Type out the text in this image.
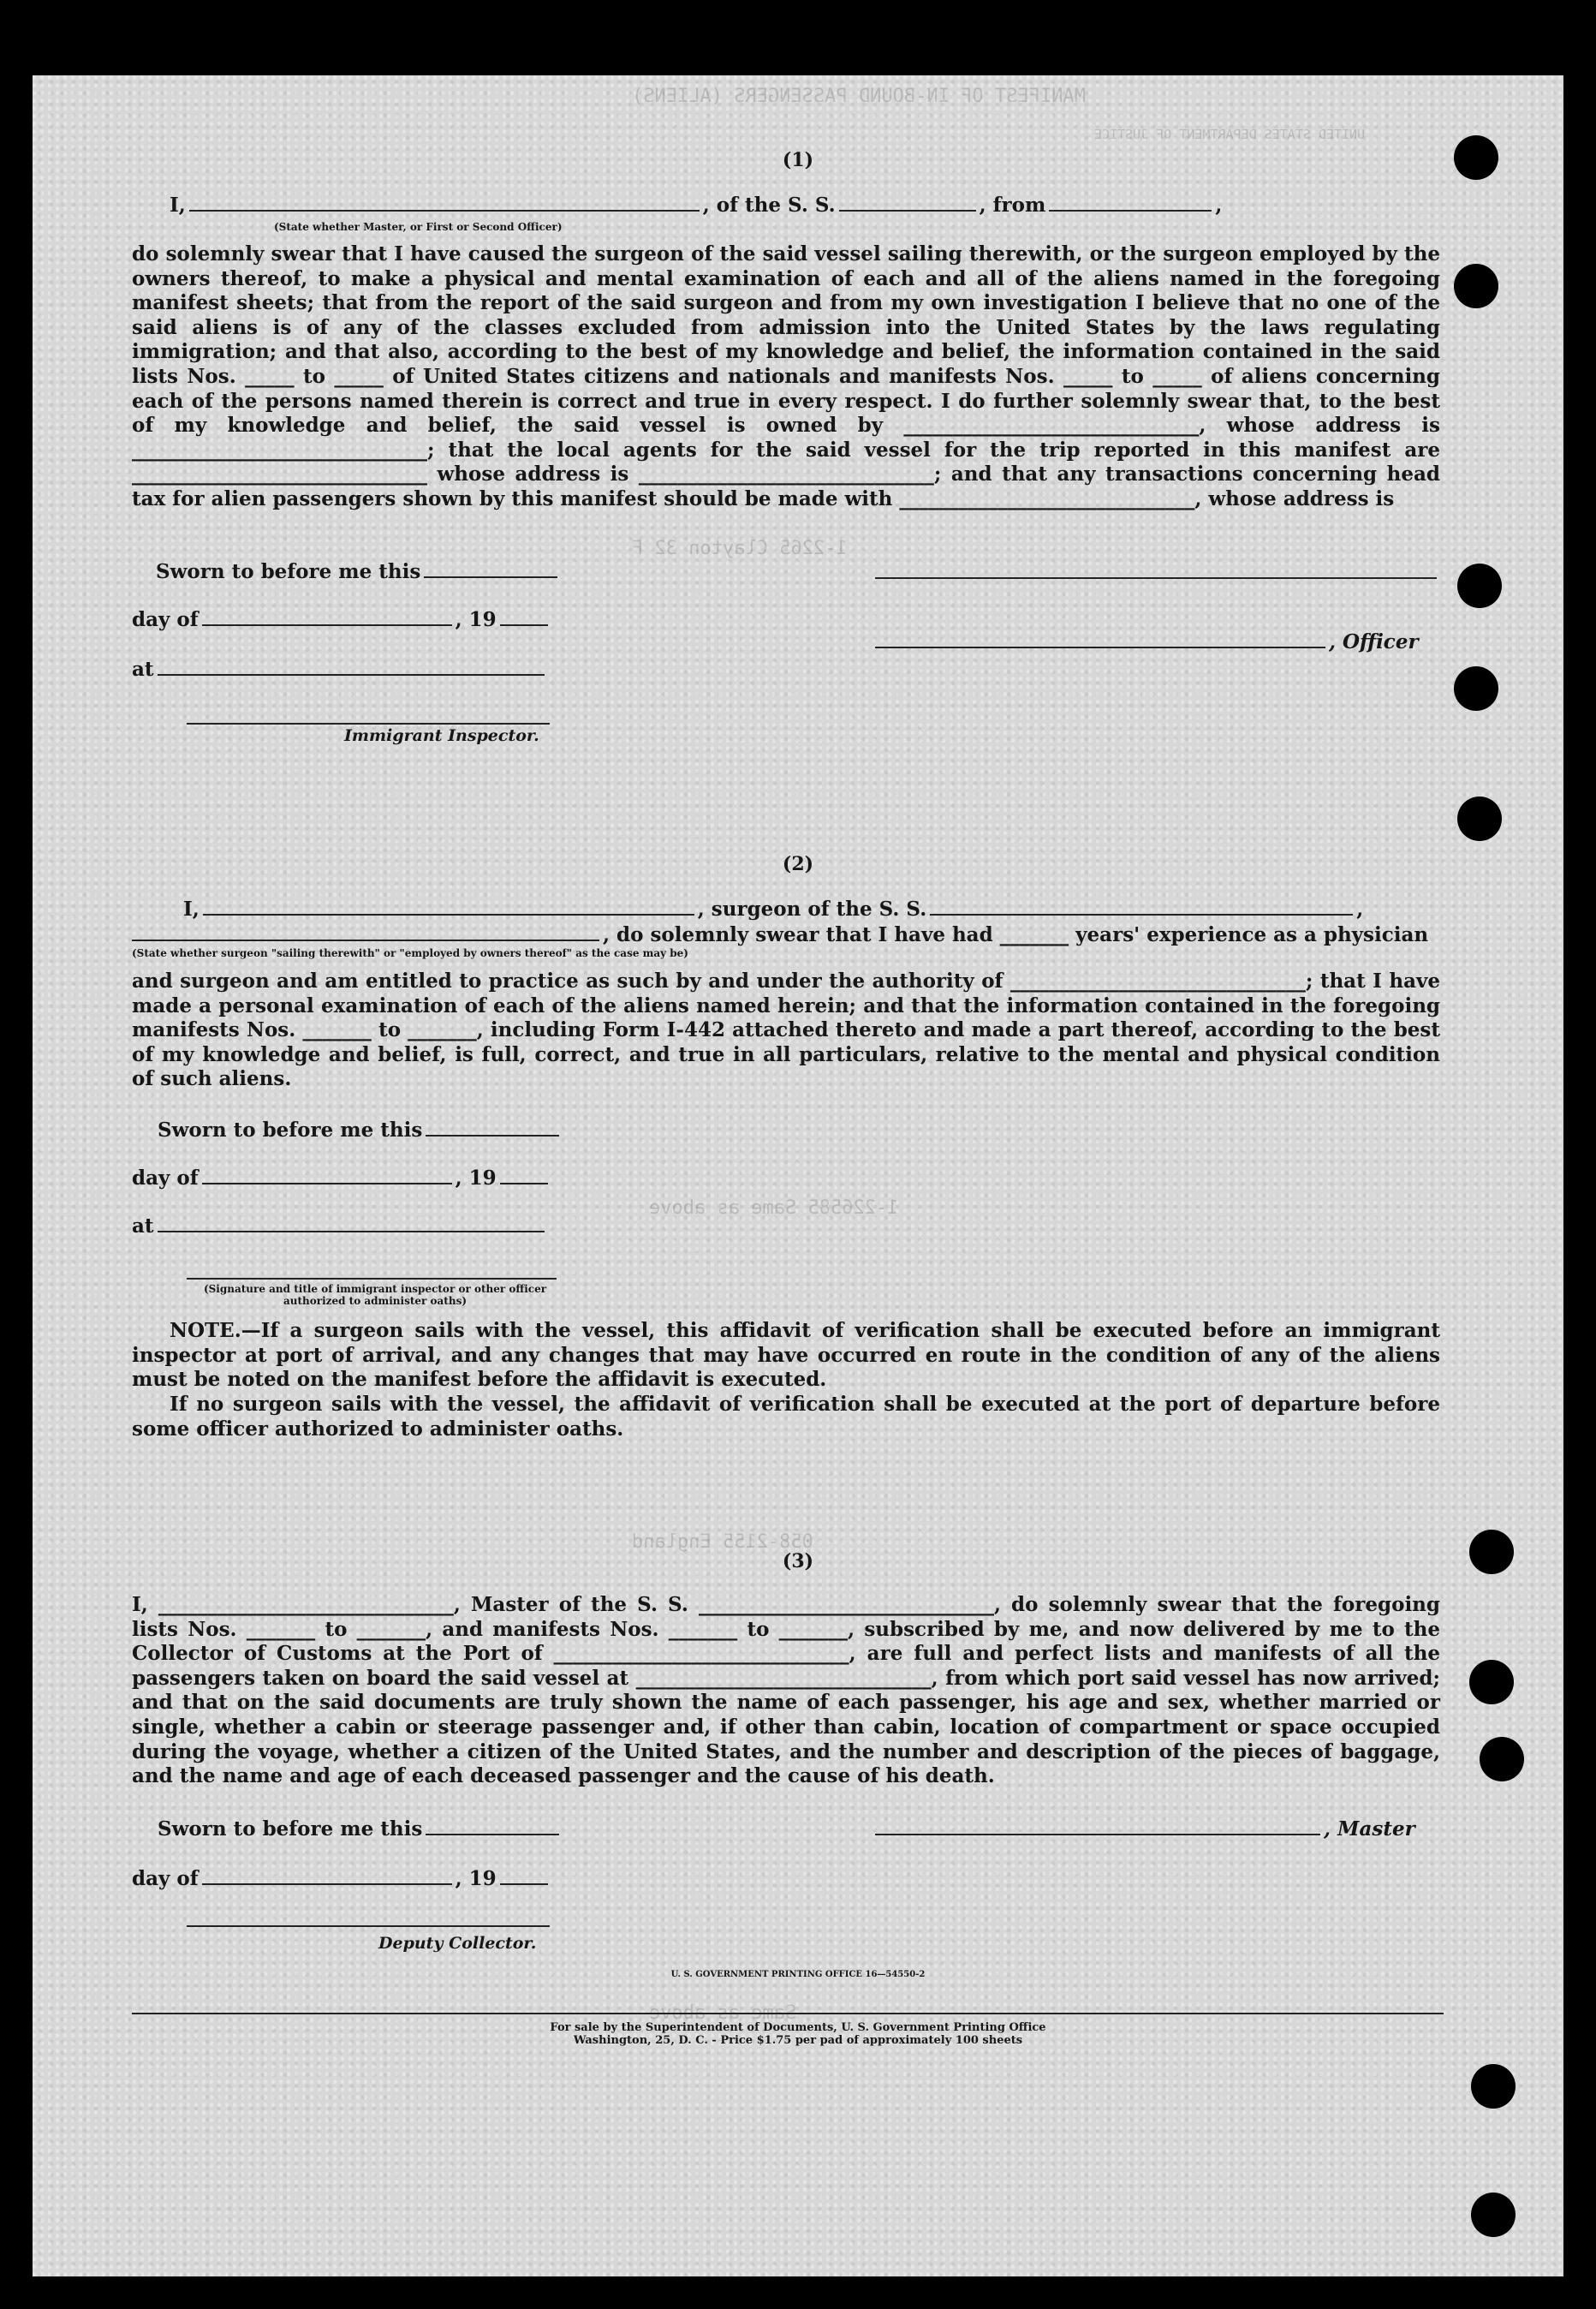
MANIFEST OF IN-BOUND PASSENGERS (ALIENS)
UNITED STATES DEPARTMENT OF JUSTICE
1-2265 Clayton 32 F
1-226585 Same as above
058-2155 England
Same as above
(1)
I,	, of the S. S.	, from	,
(State whether Master, or First or Second Officer)

do solemnly swear that I have caused the surgeon of the said vessel sailing therewith, or the surgeon employed by the owners thereof, to make a physical and mental examination of each and all of the aliens named in the foregoing manifest sheets; that from the report of the said surgeon and from my own investigation I believe that no one of the said aliens is of any of the classes excluded from admission into the United States by the laws regulating immigration; and that also, according to the best of my knowledge and belief, the information contained in the said lists Nos. _____ to _____ of United States citizens and nationals and manifests Nos. _____ to _____ of aliens concerning each of the persons named therein is correct and true in every respect. I do further solemnly swear that, to the best of my knowledge and belief, the said vessel is owned by ______________________________, whose address is ______________________________; that the local agents for the said vessel for the trip reported in this manifest are ______________________________ whose address is ______________________________; and that any transactions concerning head tax for alien passengers shown by this manifest should be made with ______________________________, whose address is

Sworn to before me this
day of	, 19
, Officer
at
Immigrant Inspector.
(2)
I,	, surgeon of the S. S.	,
, do solemnly swear that I have had _______ years' experience as a physician
(State whether surgeon "sailing therewith" or "employed by owners thereof" as the case may be)

and surgeon and am entitled to practice as such by and under the authority of ______________________________; that I have made a personal examination of each of the aliens named herein; and that the information contained in the foregoing manifests Nos. _______ to _______, including Form I-442 attached thereto and made a part thereof, according to the best of my knowledge and belief, is full, correct, and true in all particulars, relative to the mental and physical condition of such aliens.

Sworn to before me this
day of	, 19
at
(Signature and title of immigrant inspector or other officer authorized to administer oaths)

NOTE.—If a surgeon sails with the vessel, this affidavit of verification shall be executed before an immigrant inspector at port of arrival, and any changes that may have occurred en route in the condition of any of the aliens must be noted on the manifest before the affidavit is executed.

If no surgeon sails with the vessel, the affidavit of verification shall be executed at the port of departure before some officer authorized to administer oaths.

(3)

I, ______________________________, Master of the S. S. ______________________________, do solemnly swear that the foregoing lists Nos. _______ to _______, and manifests Nos. _______ to _______, subscribed by me, and now delivered by me to the Collector of Customs at the Port of ______________________________, are full and perfect lists and manifests of all the passengers taken on board the said vessel at ______________________________, from which port said vessel has now arrived; and that on the said documents are truly shown the name of each passenger, his age and sex, whether married or single, whether a cabin or steerage passenger and, if other than cabin, location of compartment or space occupied during the voyage, whether a citizen of the United States, and the number and description of the pieces of baggage, and the name and age of each deceased passenger and the cause of his death.

Sworn to before me this	, Master
day of	, 19
Deputy Collector.
U. S. GOVERNMENT PRINTING OFFICE 16—54550-2
For sale by the Superintendent of Documents, U. S. Government Printing Office
Washington, 25, D. C. - Price $1.75 per pad of approximately 100 sheets
